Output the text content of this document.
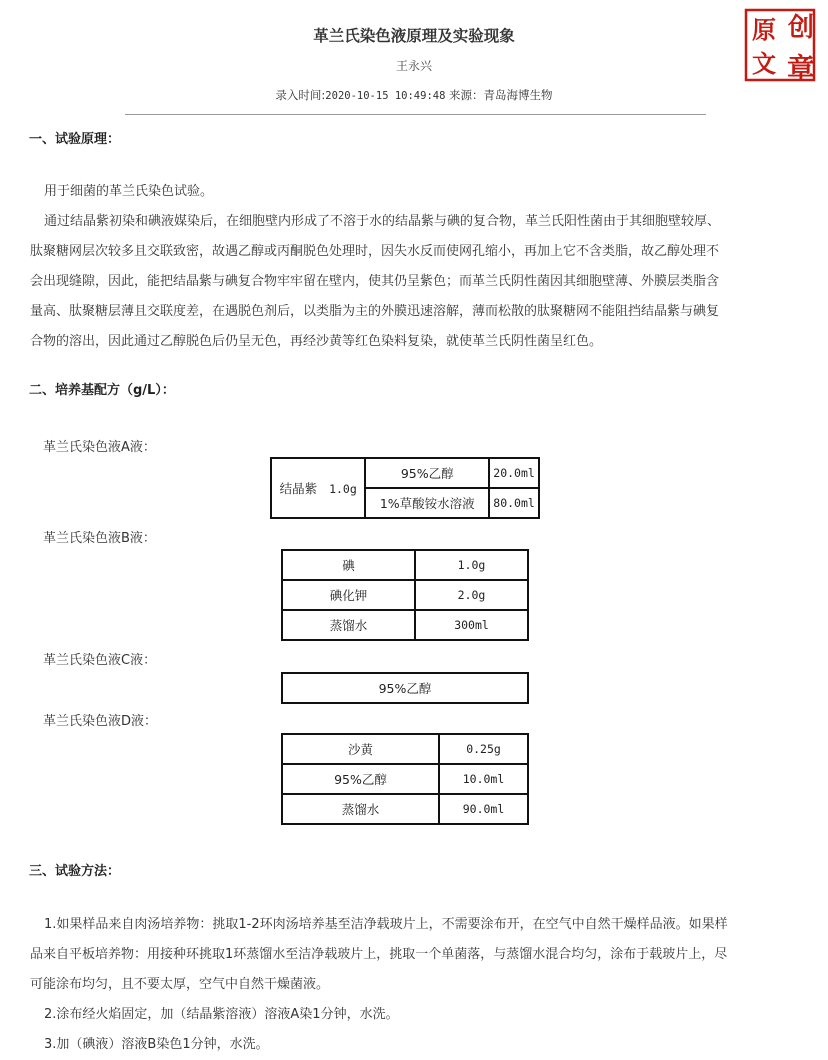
革兰氏染色液原理及实验现象
王永兴
录入时间:2020-10-15 10:49:48 来源：青岛海博生物
原 创
文 章
一、试验原理：

用于细菌的革兰氏染色试验。
通过结晶紫初染和碘液媒染后，在细胞壁内形成了不溶于水的结晶紫与碘的复合物，革兰氏阳性菌由于其细胞壁较厚、
肽聚糖网层次较多且交联致密，故遇乙醇或丙酮脱色处理时，因失水反而使网孔缩小，再加上它不含类脂，故乙醇处理不
会出现缝隙，因此，能把结晶紫与碘复合物牢牢留在壁内，使其仍呈紫色；而革兰氏阴性菌因其细胞壁薄、外膜层类脂含
量高、肽聚糖层薄且交联度差，在遇脱色剂后，以类脂为主的外膜迅速溶解，薄而松散的肽聚糖网不能阻挡结晶紫与碘复
合物的溶出，因此通过乙醇脱色后仍呈无色，再经沙黄等红色染料复染，就使革兰氏阴性菌呈红色。

二、培养基配方（g/L）：
革兰氏染色液A液：
结晶紫 1.0g	95%乙醇	20.0ml
	1%草酸铵水溶液	80.0ml
革兰氏染色液B液：
碘	1.0g
碘化钾	2.0g
蒸馏水	300ml
革兰氏染色液C液：
95%乙醇
革兰氏染色液D液：
沙黄	0.25g
95%乙醇	10.0ml
蒸馏水	90.0ml
三、试验方法：

1.如果样品来自肉汤培养物：挑取1-2环肉汤培养基至洁净载玻片上，不需要涂布开，在空气中自然干燥样品液。如果样
品来自平板培养物：用接种环挑取1环蒸馏水至洁净载玻片上，挑取一个单菌落，与蒸馏水混合均匀，涂布于载玻片上，尽
可能涂布均匀，且不要太厚，空气中自然干燥菌液。
2.涂布经火焰固定，加（结晶紫溶液）溶液A染1分钟，水洗。
3.加（碘液）溶液B染色1分钟，水洗。
